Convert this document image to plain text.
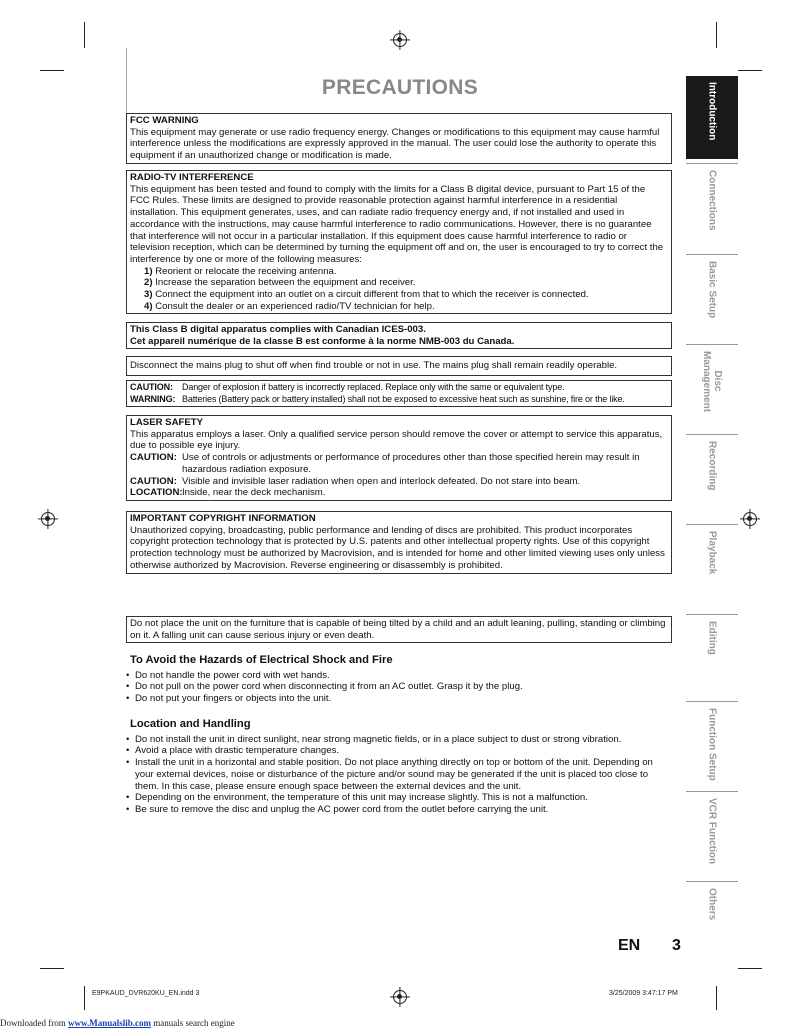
PRECAUTIONS

FCC WARNING

This equipment may generate or use radio frequency energy. Changes or modifications to this equipment may cause harmful interference unless the modifications are expressly approved in the manual. The user could lose the authority to operate this equipment if an unauthorized change or modification is made.

RADIO-TV INTERFERENCE

This equipment has been tested and found to comply with the limits for a Class B digital device, pursuant to Part 15 of the FCC Rules. These limits are designed to provide reasonable protection against harmful interference in a residential installation. This equipment generates, uses, and can radiate radio frequency energy and, if not installed and used in accordance with the instructions, may cause harmful interference to radio communications. However, there is no guarantee that interference will not occur in a particular installation. If this equipment does cause harmful interference to radio or television reception, which can be determined by turning the equipment off and on, the user is encouraged to try to correct the interference by one or more of the following measures:

1) Reorient or relocate the receiving antenna.

2) Increase the separation between the equipment and receiver.

3) Connect the equipment into an outlet on a circuit different from that to which the receiver is connected.

4) Consult the dealer or an experienced radio/TV technician for help.

This Class B digital apparatus complies with Canadian ICES-003.

Cet appareil numérique de la classe B est conforme à la norme NMB-003 du Canada.

Disconnect the mains plug to shut off when find trouble or not in use. The mains plug shall remain readily operable.

CAUTION:	Danger of explosion if battery is incorrectly replaced. Replace only with the same or equivalent type.
WARNING: Batteries (Battery pack or battery installed) shall not be exposed to excessive heat such as sunshine, fire or the like.

LASER SAFETY

This apparatus employs a laser. Only a qualified service person should remove the cover or attempt to service this apparatus, due to possible eye injury.

CAUTION: Use of controls or adjustments or performance of procedures other than those specified herein may result in hazardous radiation exposure.
CAUTION: Visible and invisible laser radiation when open and interlock defeated. Do not stare into beam.
LOCATION: Inside, near the deck mechanism.

IMPORTANT COPYRIGHT INFORMATION

Unauthorized copying, broadcasting, public performance and lending of discs are prohibited. This product incorporates copyright protection technology that is protected by U.S. patents and other intellectual property rights. Use of this copyright protection technology must be authorized by Macrovision, and is intended for home and other limited viewing uses only unless otherwise authorized by Macrovision. Reverse engineering or disassembly is prohibited.

Do not place the unit on the furniture that is capable of being tilted by a child and an adult leaning, pulling, standing or climbing on it. A falling unit can cause serious injury or even death.

To Avoid the Hazards of Electrical Shock and Fire
• Do not handle the power cord with wet hands.
• Do not pull on the power cord when disconnecting it from an AC outlet. Grasp it by the plug.
• Do not put your fingers or objects into the unit.
Location and Handling
• Do not install the unit in direct sunlight, near strong magnetic fields, or in a place subject to dust or strong vibration.
• Avoid a place with drastic temperature changes.
• Install the unit in a horizontal and stable position. Do not place anything directly on top or bottom of the unit. Depending on your external devices, noise or disturbance of the picture and/or sound may be generated if the unit is placed too close to them. In this case, please ensure enough space between the external devices and the unit.
• Depending on the environment, the temperature of this unit may increase slightly. This is not a malfunction.
• Be sure to remove the disc and unplug the AC power cord from the outlet before carrying the unit.
Introduction
Connections
Basic Setup
Disc Management
Recording
Playback
Editing
Function Setup
VCR Function
Others
EN 3
E9PKAUD_DVR620KU_EN.indd 3	3/25/2009 3:47:17 PM
Downloaded from www.Manualslib.com manuals search engine
